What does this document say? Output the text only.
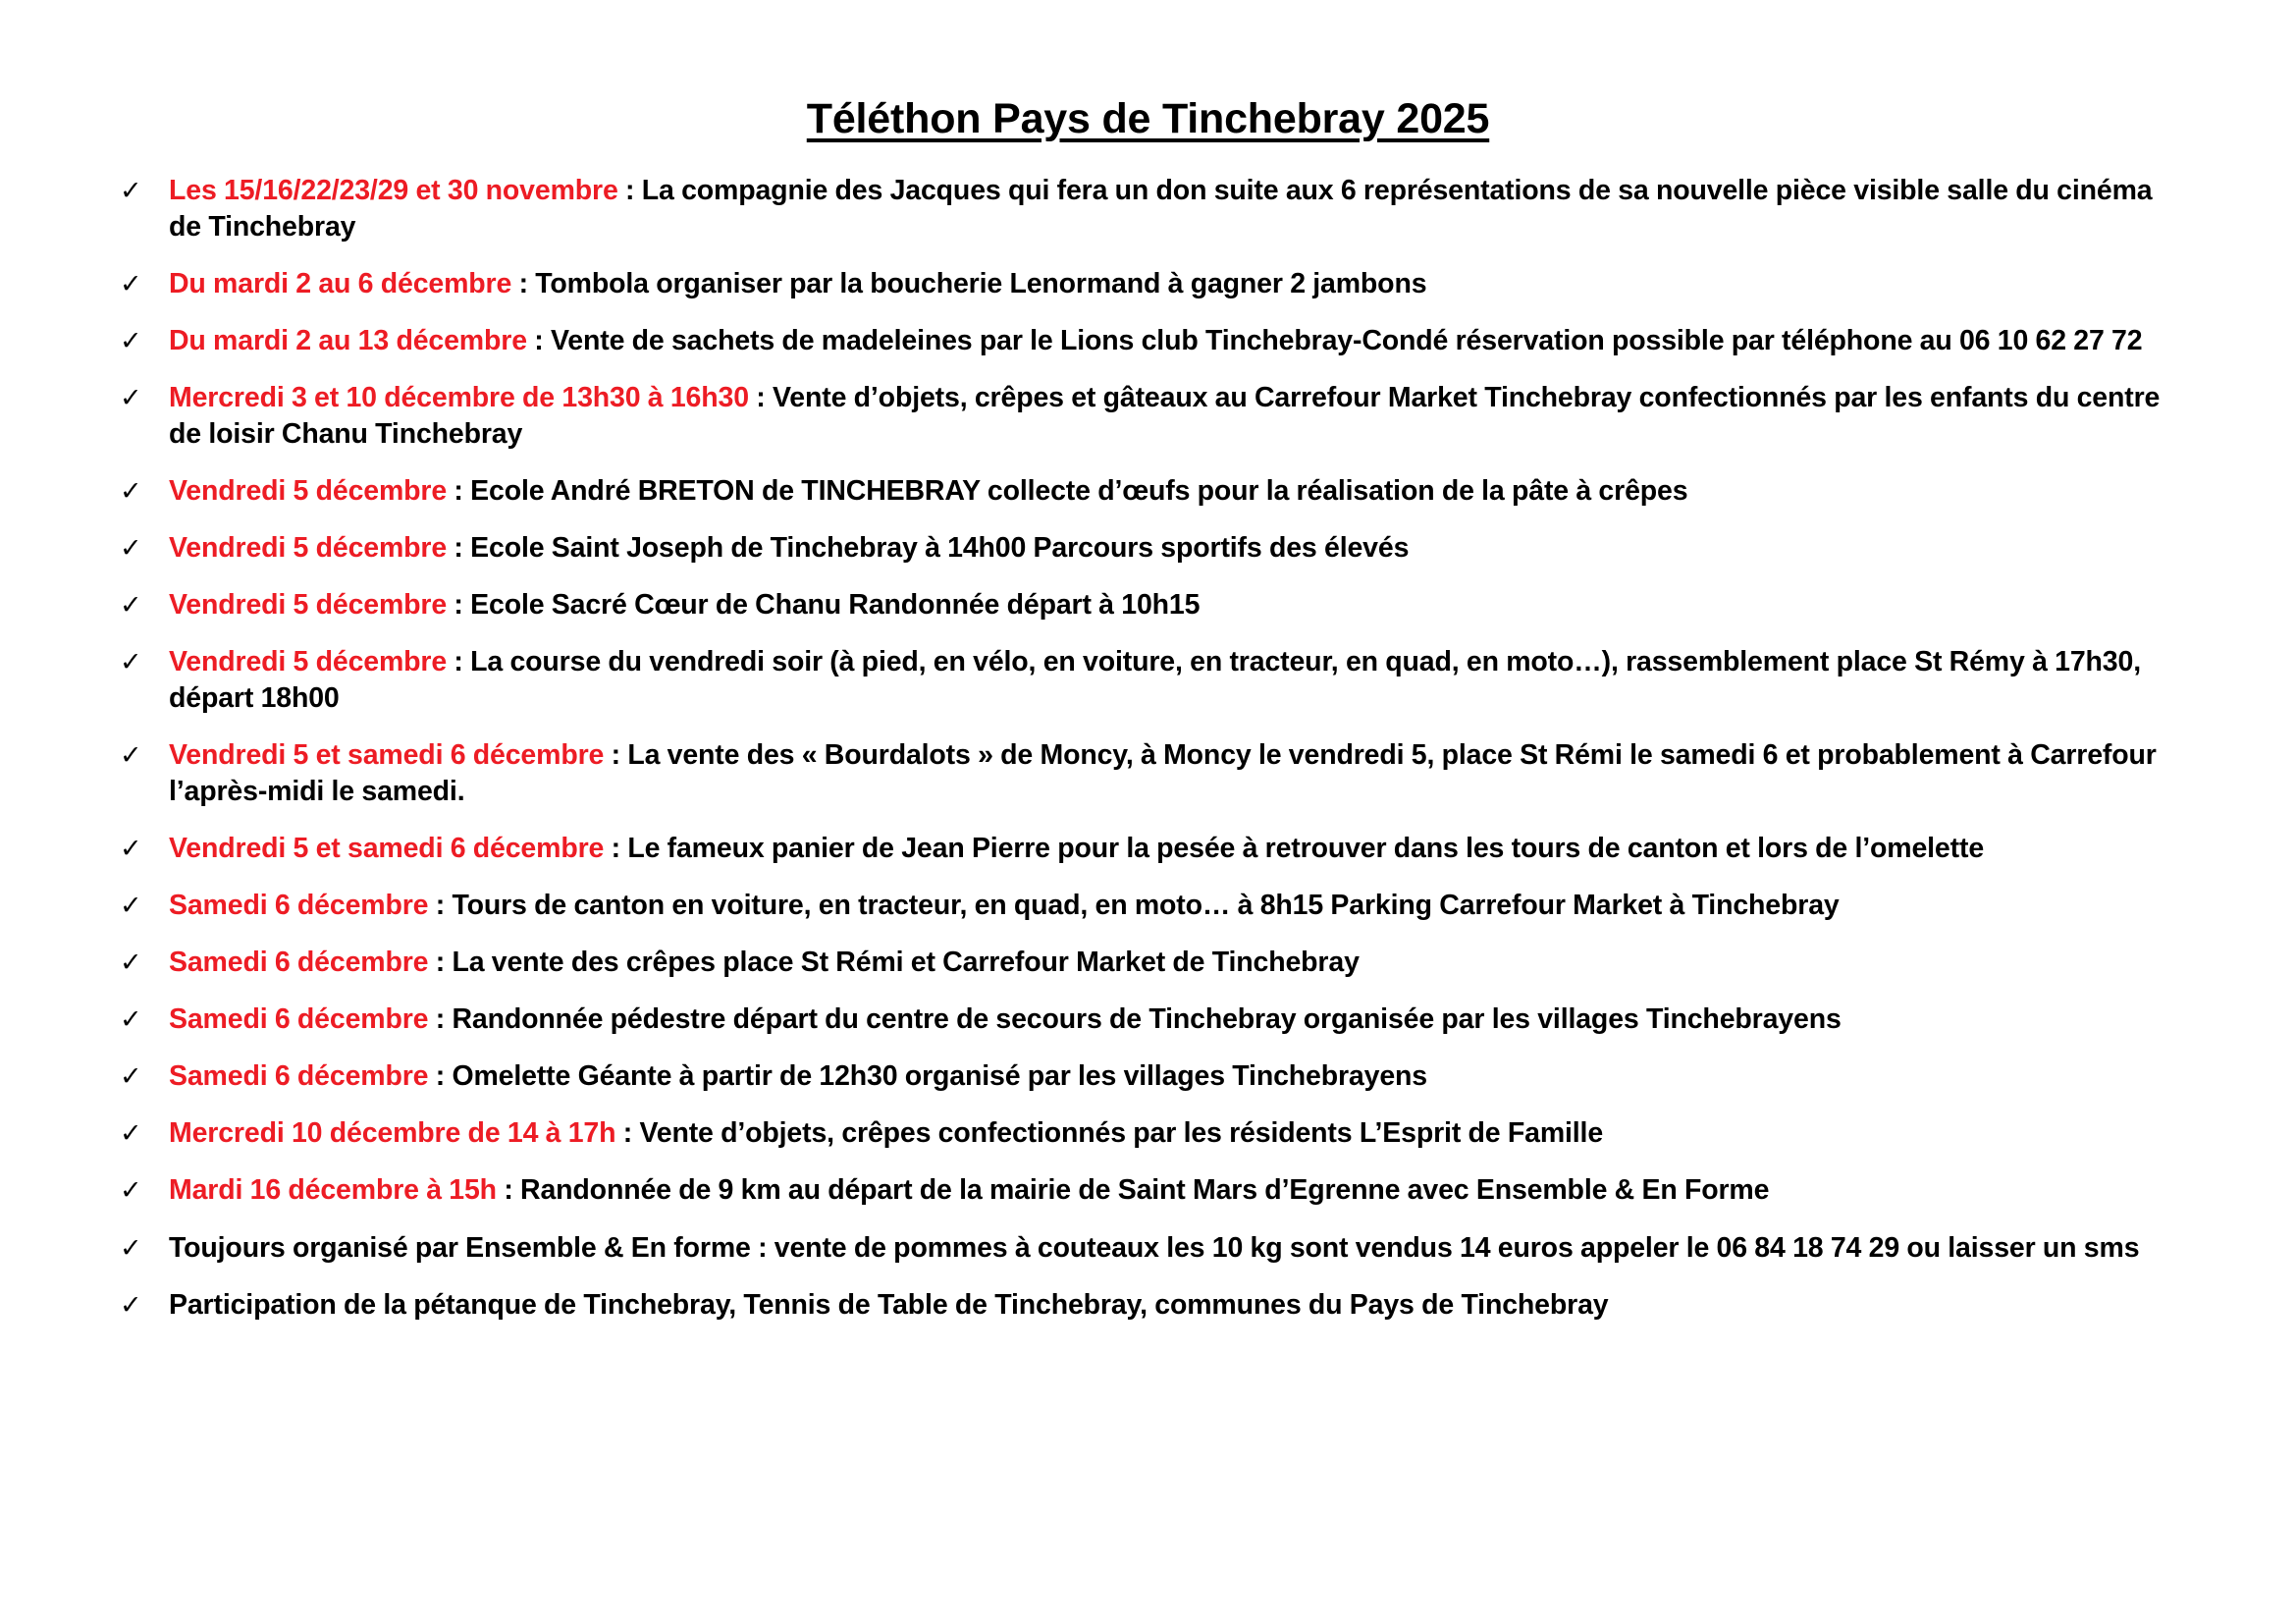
Téléthon Pays de Tinchebray 2025
✓ Les 15/16/22/23/29 et 30 novembre : La compagnie des Jacques qui fera un don suite aux 6 représentations de sa nouvelle pièce visible salle du cinéma de Tinchebray
✓ Du mardi 2 au 6 décembre : Tombola organiser par la boucherie Lenormand à gagner 2 jambons
✓ Du mardi 2 au 13 décembre : Vente de sachets de madeleines par le Lions club Tinchebray-Condé réservation possible par téléphone au 06 10 62 27 72
✓ Mercredi 3 et 10 décembre de 13h30 à 16h30 : Vente d’objets, crêpes et gâteaux au Carrefour Market Tinchebray confectionnés par les enfants du centre de loisir Chanu Tinchebray
✓ Vendredi 5 décembre : Ecole André BRETON de TINCHEBRAY collecte d’œufs pour la réalisation de la pâte à crêpes
✓ Vendredi 5 décembre : Ecole Saint Joseph de Tinchebray à 14h00 Parcours sportifs des élevés
✓ Vendredi 5 décembre : Ecole Sacré Cœur de Chanu Randonnée départ à 10h15
✓ Vendredi 5 décembre : La course du vendredi soir (à pied, en vélo, en voiture, en tracteur, en quad, en moto…), rassemblement place St Rémy à 17h30, départ 18h00
✓ Vendredi 5 et samedi 6 décembre : La vente des « Bourdalots » de Moncy, à Moncy le vendredi 5, place St Rémi le samedi 6 et probablement à Carrefour l’après-midi le samedi.
✓ Vendredi 5 et samedi 6 décembre : Le fameux panier de Jean Pierre pour la pesée à retrouver dans les tours de canton et lors de l’omelette
✓ Samedi 6 décembre : Tours de canton en voiture, en tracteur, en quad, en moto… à 8h15 Parking Carrefour Market à Tinchebray
✓ Samedi 6 décembre : La vente des crêpes place St Rémi et Carrefour Market de Tinchebray
✓ Samedi 6 décembre : Randonnée pédestre départ du centre de secours de Tinchebray organisée par les villages Tinchebrayens
✓ Samedi 6 décembre : Omelette Géante à partir de 12h30 organisé par les villages Tinchebrayens
✓ Mercredi 10 décembre de 14 à 17h : Vente d’objets, crêpes confectionnés par les résidents L’Esprit de Famille
✓ Mardi 16 décembre à 15h : Randonnée de 9 km au départ de la mairie de Saint Mars d’Egrenne avec Ensemble & En Forme
✓ Toujours organisé par Ensemble & En forme : vente de pommes à couteaux les 10 kg sont vendus 14 euros appeler le 06 84 18 74 29 ou laisser un sms
✓ Participation de la pétanque de Tinchebray, Tennis de Table de Tinchebray, communes du Pays de Tinchebray
